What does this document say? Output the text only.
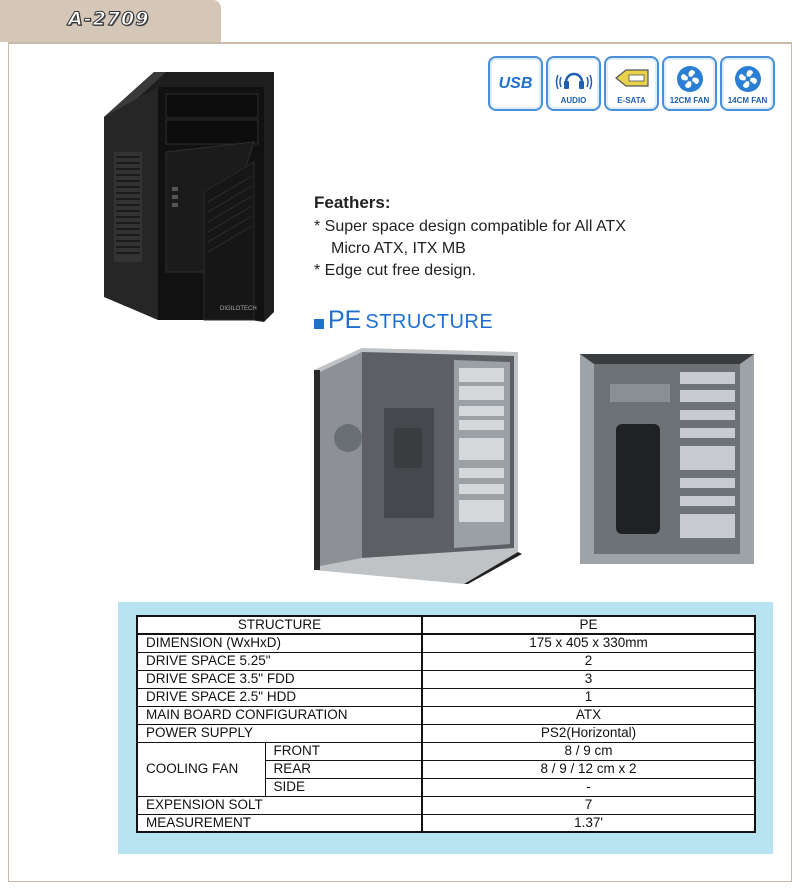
A-2709
USB
AUDIO	E-SATA	12CM FAN	14CM FAN
DIGILOTECH
Feathers:
* Super space design compatible for All ATX
Micro ATX, ITX MB
* Edge cut free design.
PE STRUCTURE
STRUCTURE		PE
DIMENSION (WxHxD)		175 x 405 x 330mm
DRIVE SPACE 5.25"		2
DRIVE SPACE 3.5" FDD		3
DRIVE SPACE 2.5" HDD		1
MAIN BOARD CONFIGURATION		ATX
POWER SUPPLY		PS2(Horizontal)
COOLING FAN	FRONT	8 / 9 cm
	REAR	8 / 9 / 12 cm x 2
	SIDE	-
EXPENSION SOLT		7
MEASUREMENT		1.37'
